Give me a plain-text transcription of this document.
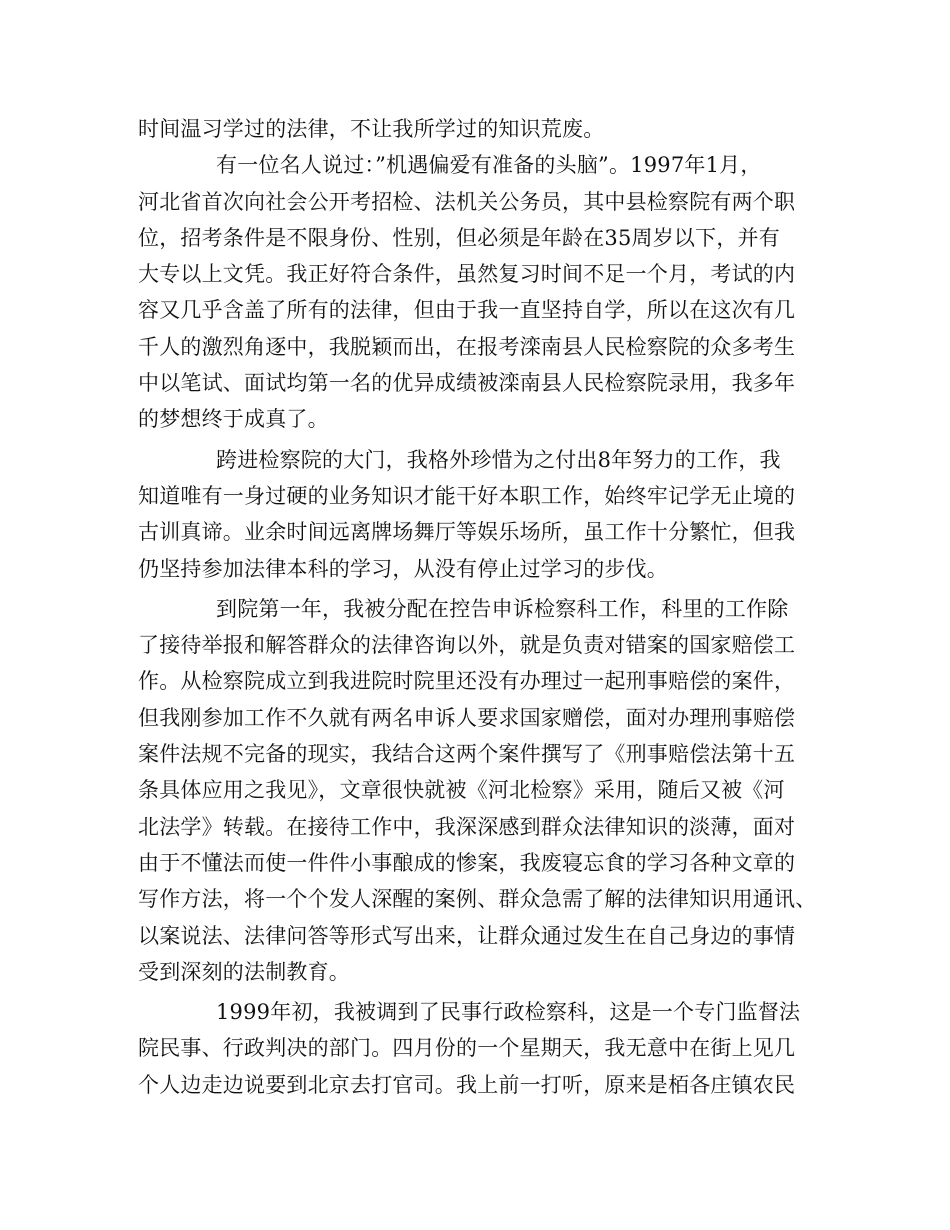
时间温习学过的法律，不让我所学过的知识荒废。
有一位名人说过：”机遇偏爱有准备的头脑”。1997年1月，
河北省首次向社会公开考招检、法机关公务员，其中县检察院有两个职
位，招考条件是不限身份、性别，但必须是年龄在35周岁以下，并有
大专以上文凭。我正好符合条件，虽然复习时间不足一个月，考试的内
容又几乎含盖了所有的法律，但由于我一直坚持自学，所以在这次有几
千人的激烈角逐中，我脱颖而出，在报考滦南县人民检察院的众多考生
中以笔试、面试均第一名的优异成绩被滦南县人民检察院录用，我多年
的梦想终于成真了。
跨进检察院的大门，我格外珍惜为之付出8年努力的工作，我
知道唯有一身过硬的业务知识才能干好本职工作，始终牢记学无止境的
古训真谛。业余时间远离牌场舞厅等娱乐场所，虽工作十分繁忙，但我
仍坚持参加法律本科的学习，从没有停止过学习的步伐。
到院第一年，我被分配在控告申诉检察科工作，科里的工作除
了接待举报和解答群众的法律咨询以外，就是负责对错案的国家赔偿工
作。从检察院成立到我进院时院里还没有办理过一起刑事赔偿的案件，
但我刚参加工作不久就有两名申诉人要求国家赠偿，面对办理刑事赔偿
案件法规不完备的现实，我结合这两个案件撰写了《刑事赔偿法第十五
条具体应用之我见》，文章很快就被《河北检察》采用，随后又被《河
北法学》转载。在接待工作中，我深深感到群众法律知识的淡薄，面对
由于不懂法而使一件件小事酿成的惨案，我废寝忘食的学习各种文章的
写作方法，将一个个发人深醒的案例、群众急需了解的法律知识用通讯、
以案说法、法律问答等形式写出来，让群众通过发生在自己身边的事情
受到深刻的法制教育。
1999年初，我被调到了民事行政检察科，这是一个专门监督法
院民事、行政判决的部门。四月份的一个星期天，我无意中在街上见几
个人边走边说要到北京去打官司。我上前一打听，原来是栢各庄镇农民
